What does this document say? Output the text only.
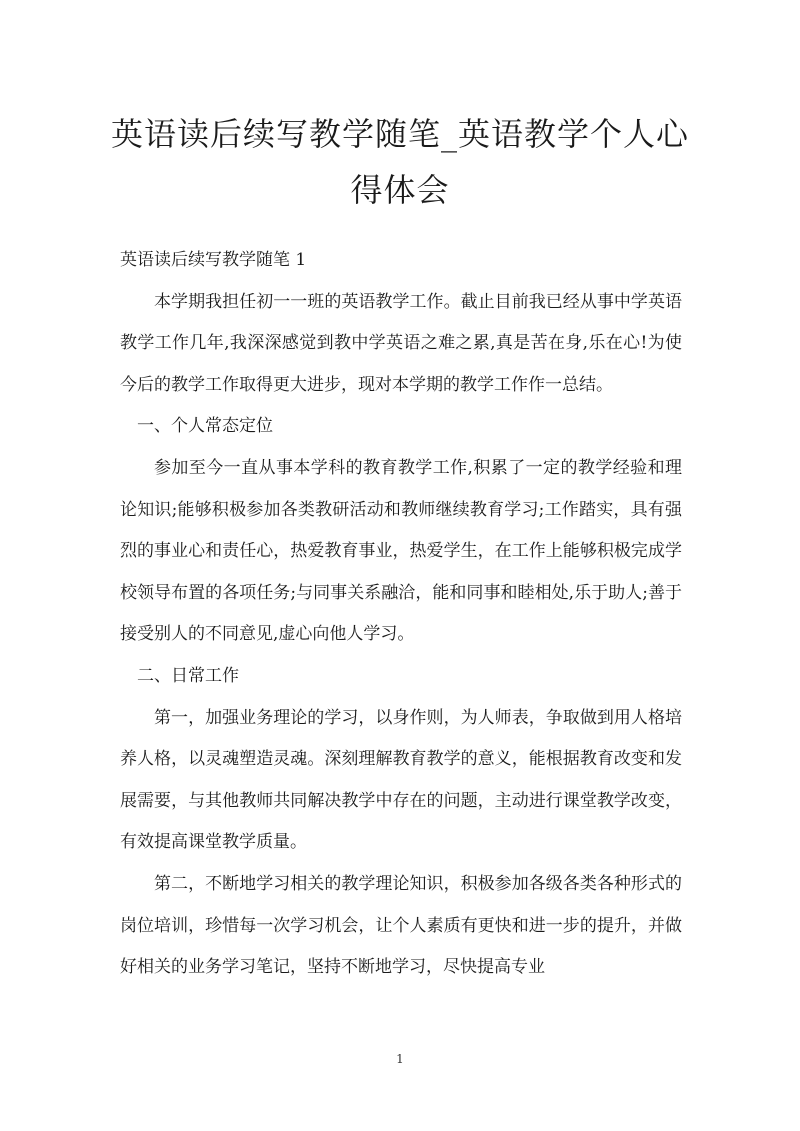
英语读后续写教学随笔_英语教学个人心得体会

英语读后续写教学随笔 1

本学期我担任初一一班的英语教学工作。截止目前我已经从事中学英语教学工作几年,我深深感觉到教中学英语之难之累,真是苦在身,乐在心!为使今后的教学工作取得更大进步，现对本学期的教学工作作一总结。

一、个人常态定位

参加至今一直从事本学科的教育教学工作,积累了一定的教学经验和理论知识;能够积极参加各类教研活动和教师继续教育学习;工作踏实，具有强烈的事业心和责任心，热爱教育事业，热爱学生，在工作上能够积极完成学校领导布置的各项任务;与同事关系融洽，能和同事和睦相处,乐于助人;善于接受别人的不同意见,虚心向他人学习。

二、日常工作

第一，加强业务理论的学习，以身作则，为人师表，争取做到用人格培养人格，以灵魂塑造灵魂。深刻理解教育教学的意义，能根据教育改变和发展需要，与其他教师共同解决教学中存在的问题，主动进行课堂教学改变，有效提高课堂教学质量。

第二，不断地学习相关的教学理论知识，积极参加各级各类各种形式的岗位培训，珍惜每一次学习机会，让个人素质有更快和进一步的提升，并做好相关的业务学习笔记，坚持不断地学习，尽快提高专业

1
